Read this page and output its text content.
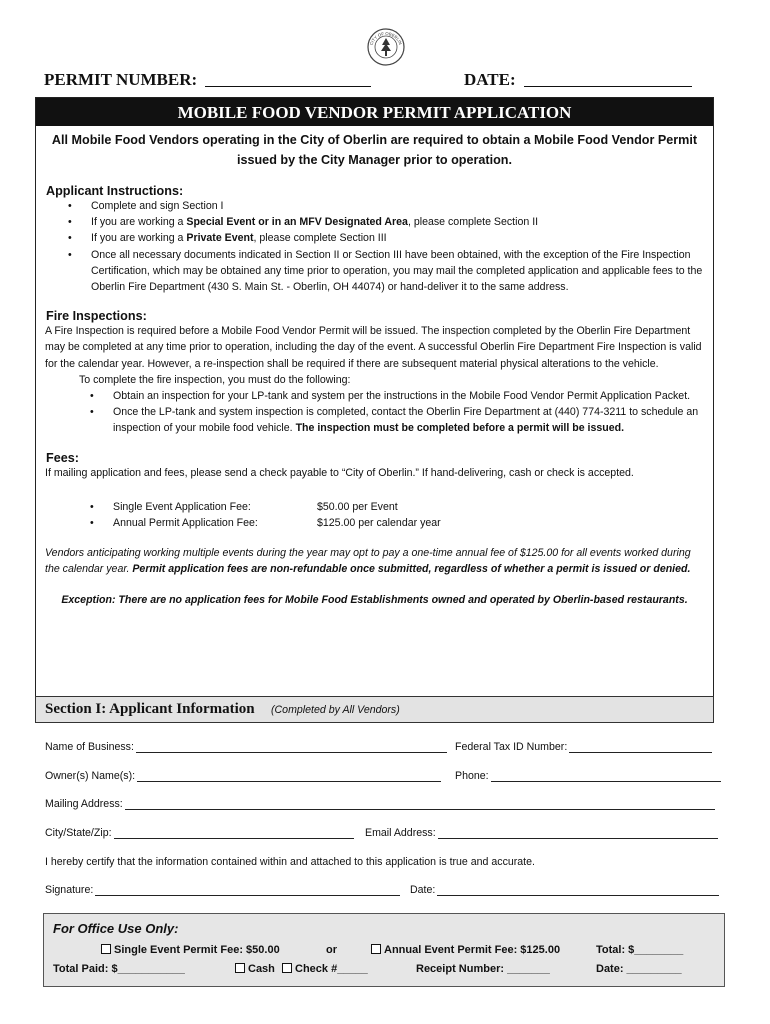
CITY OF OBERLIN
PERMIT NUMBER:	DATE:
MOBILE FOOD VENDOR PERMIT APPLICATION
All Mobile Food Vendors operating in the City of Oberlin are required to obtain a Mobile Food Vendor Permit issued by the City Manager prior to operation.
Applicant Instructions:
• Complete and sign Section I
• If you are working a Special Event or in an MFV Designated Area, please complete Section II
• If you are working a Private Event, please complete Section III
• Once all necessary documents indicated in Section II or Section III have been obtained, with the exception of the Fire Inspection Certification, which may be obtained any time prior to operation, you may mail the completed application and applicable fees to the Oberlin Fire Department (430 S. Main St. - Oberlin, OH 44074) or hand-deliver it to the same address.
Fire Inspections:
A Fire Inspection is required before a Mobile Food Vendor Permit will be issued. The inspection completed by the Oberlin Fire Department may be completed at any time prior to operation, including the day of the event. A successful Oberlin Fire Department Fire Inspection is valid for the calendar year. However, a re-inspection shall be required if there are subsequent material physical alterations to the vehicle.
To complete the fire inspection, you must do the following:
• Obtain an inspection for your LP-tank and system per the instructions in the Mobile Food Vendor Permit Application Packet.
• Once the LP-tank and system inspection is completed, contact the Oberlin Fire Department at (440) 774-3211 to schedule an inspection of your mobile food vehicle. The inspection must be completed before a permit will be issued.
Fees:
If mailing application and fees, please send a check payable to “City of Oberlin.” If hand-delivering, cash or check is accepted.
• Single Event Application Fee:	$50.00 per Event
• Annual Permit Application Fee:	$125.00 per calendar year
Vendors anticipating working multiple events during the year may opt to pay a one-time annual fee of $125.00 for all events worked during the calendar year. Permit application fees are non-refundable once submitted, regardless of whether a permit is issued or denied.
Exception: There are no application fees for Mobile Food Establishments owned and operated by Oberlin-based restaurants.
Section I: Applicant Information (Completed by All Vendors)
Name of Business:	Federal Tax ID Number:
Owner(s) Name(s):	Phone:
Mailing Address:
City/State/Zip:	Email Address:
I hereby certify that the information contained within and attached to this application is true and accurate.
Signature:	Date:
For Office Use Only:
Single Event Permit Fee: $50.00	or	Annual Event Permit Fee: $125.00	Total: $________
Total Paid: $___________	Cash	Check #_____	Receipt Number: _______	Date: _________
